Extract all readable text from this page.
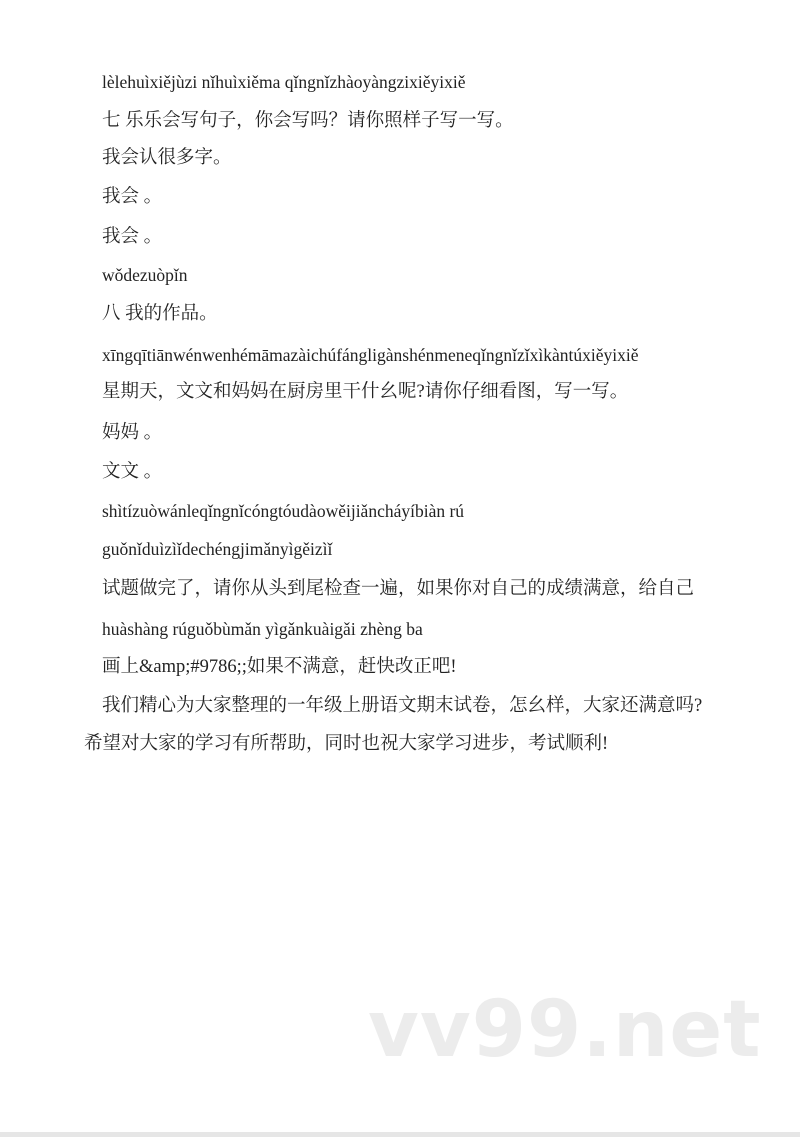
lèlehuìxiějùzi nǐhuìxiěma qǐngnǐzhàoyàngzixiěyixiě
七 乐乐会写句子，你会写吗？请你照样子写一写。
我会认很多字。
我会 。
我会 。
wǒdezuòpǐn
八 我的作品。
xīngqītiānwénwenhémāmazàichúfángligànshénmeneqǐngnǐzǐxìkàntúxiěyixiě
星期天，文文和妈妈在厨房里干什幺呢?请你仔细看图，写一写。
妈妈 。
文文 。
shìtízuòwánleqǐngnǐcóngtóudàowěijiǎncháyíbiàn rú
guǒnǐduìzìǐdechéngjimǎnyìgěizìǐ
试题做完了，请你从头到尾检查一遍，如果你对自己的成绩满意，给自己
huàshàng rúguǒbùmǎn yìgǎnkuàigǎi zhèng ba
画上&amp;#9786;;如果不满意，赶快改正吧!
我们精心为大家整理的一年级上册语文期末试卷，怎幺样，大家还满意吗?
希望对大家的学习有所帮助，同时也祝大家学习进步，考试顺利!
vv99.net
